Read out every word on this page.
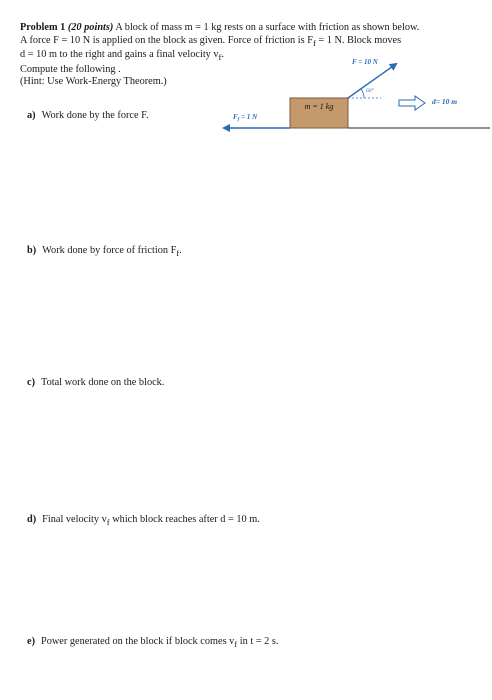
Problem 1 (20 points) A block of mass m = 1 kg rests on a surface with friction as shown below.
A force F = 10 N is applied on the block as given. Force of friction is $F_f = 1$ N. Block moves
d = 10 m to the right and gains a final velocity $v_f$.
Compute the following .
(Hint: Use Work-Energy Theorem.)
m = 1 kg
F = 10 N
60°
$F_f = 1$ N
d= 10 m
a) Work done by the force F.
b) Work done by force of friction $F_f$.
c) Total work done on the block.
d) Final velocity $v_f$ which block reaches after d = 10 m.
e) Power generated on the block if block comes $v_f$ in t = 2 s.
